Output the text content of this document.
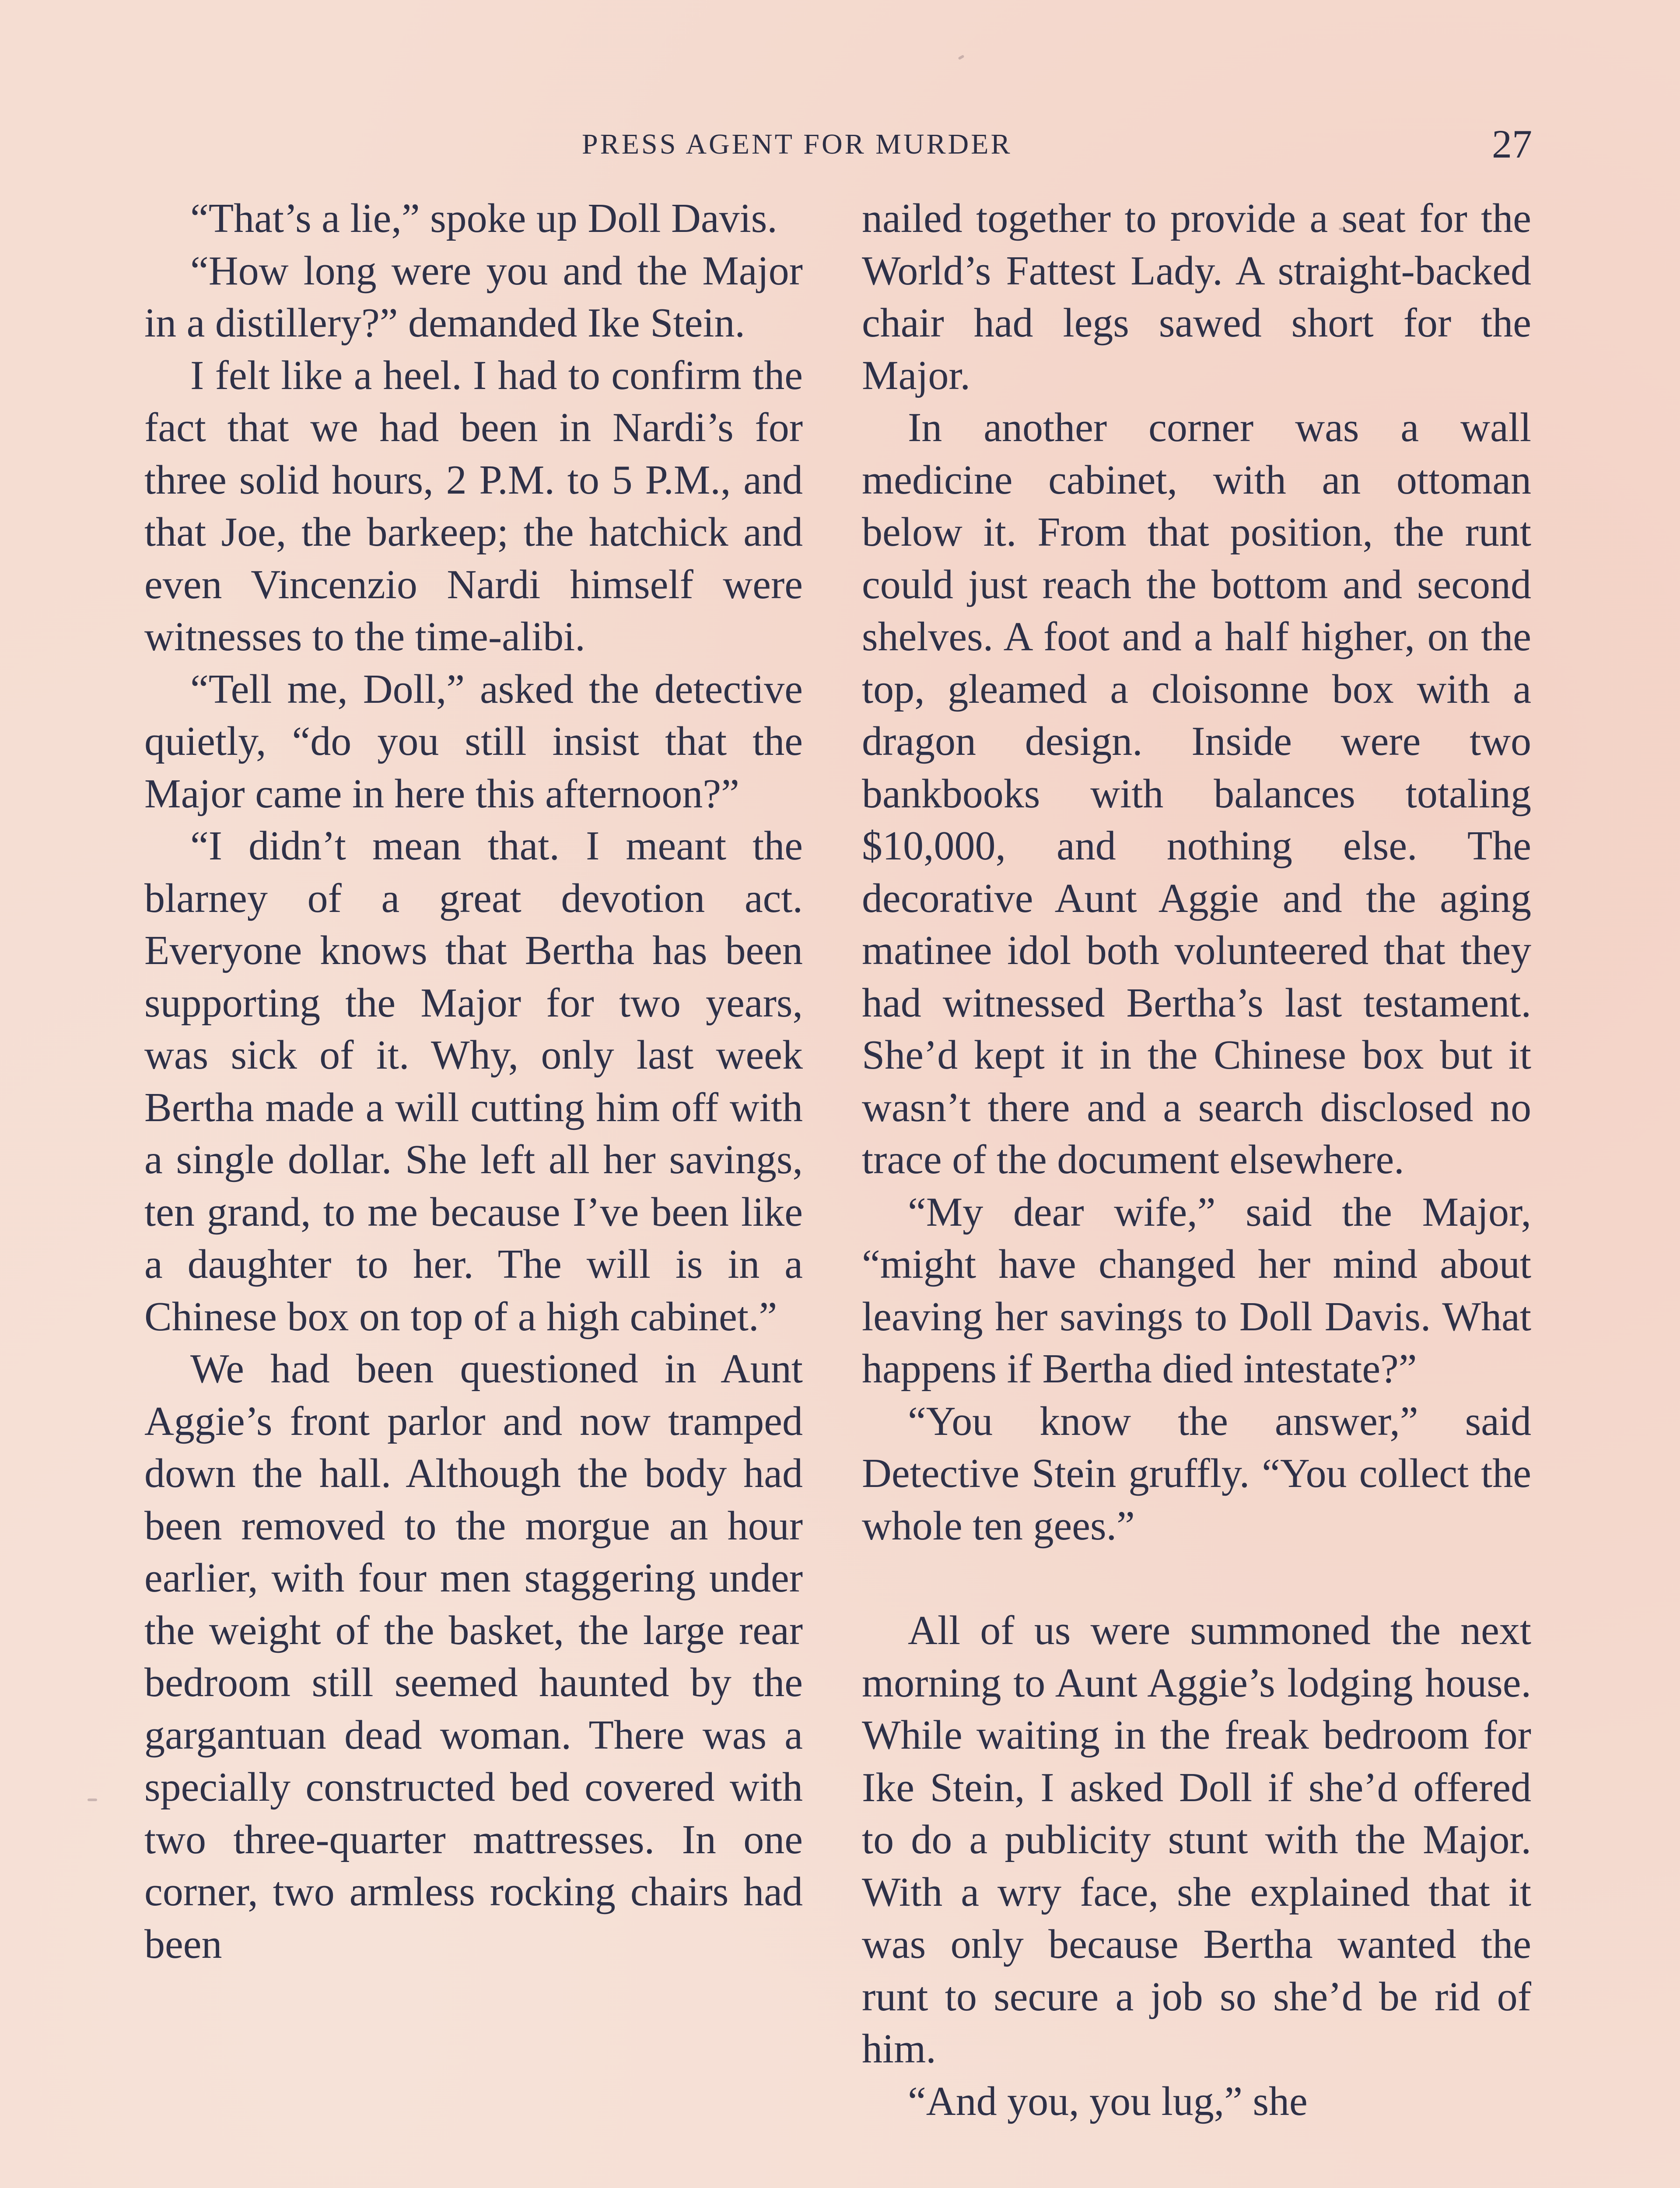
PRESS AGENT FOR MURDER	27

“That’s a lie,” spoke up Doll Davis.

“How long were you and the Major in a distillery?” demanded Ike Stein.

I felt like a heel. I had to confirm the fact that we had been in Nardi’s for three solid hours, 2 P.M. to 5 P.M., and that Joe, the barkeep; the hatchick and even Vincenzio Nardi himself were witnesses to the time-alibi.

“Tell me, Doll,” asked the detective quietly, “do you still insist that the Major came in here this afternoon?”

“I didn’t mean that. I meant the blarney of a great devotion act. Everyone knows that Bertha has been supporting the Major for two years, was sick of it. Why, only last week Bertha made a will cutting him off with a single dollar. She left all her savings, ten grand, to me because I’ve been like a daughter to her. The will is in a Chinese box on top of a high cabinet.”

We had been questioned in Aunt Aggie’s front parlor and now tramped down the hall. Although the body had been removed to the morgue an hour earlier, with four men staggering under the weight of the basket, the large rear bedroom still seemed haunted by the gargantuan dead woman. There was a specially constructed bed covered with two three-quarter mattresses. In one corner, two armless rocking chairs had been

nailed together to provide a seat for the World’s Fattest Lady. A straight-backed chair had legs sawed short for the Major.

In another corner was a wall medicine cabinet, with an ottoman below it. From that position, the runt could just reach the bottom and second shelves. A foot and a half higher, on the top, gleamed a cloisonne box with a dragon design. Inside were two bankbooks with balances totaling $10,000, and nothing else. The decorative Aunt Aggie and the aging matinee idol both volunteered that they had witnessed Bertha’s last testament. She’d kept it in the Chinese box but it wasn’t there and a search disclosed no trace of the document elsewhere.

“My dear wife,” said the Major, “might have changed her mind about leaving her savings to Doll Davis. What happens if Bertha died intestate?”

“You know the answer,” said Detective Stein gruffly. “You collect the whole ten gees.”

All of us were summoned the next morning to Aunt Aggie’s lodging house. While waiting in the freak bedroom for Ike Stein, I asked Doll if she’d offered to do a publicity stunt with the Major. With a wry face, she explained that it was only because Bertha wanted the runt to secure a job so she’d be rid of him.

“And you, you lug,” she
